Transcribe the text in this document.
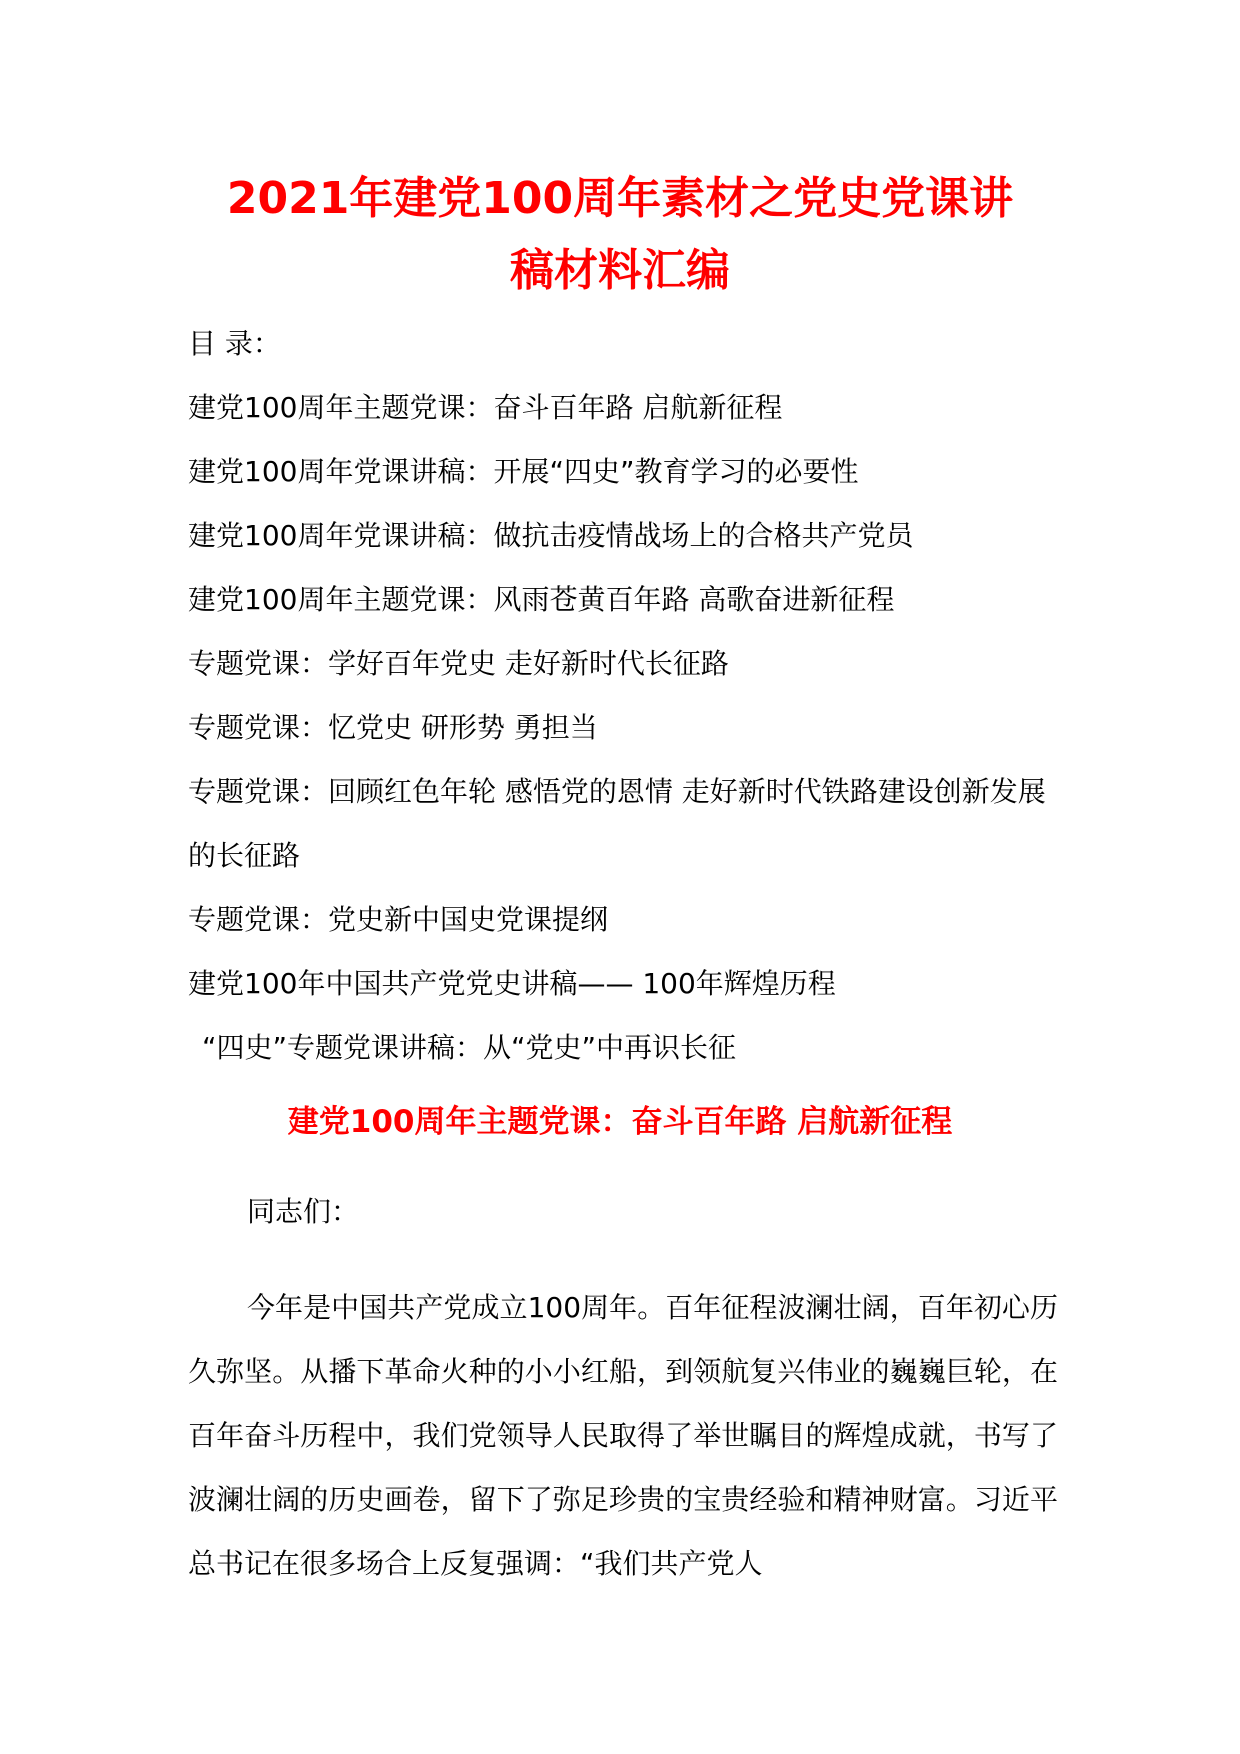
2021年建党100周年素材之党史党课讲
稿材料汇编

目 录：

建党100周年主题党课：奋斗百年路 启航新征程
建党100周年党课讲稿：开展“四史”教育学习的必要性
建党100周年党课讲稿：做抗击疫情战场上的合格共产党员
建党100周年主题党课：风雨苍黄百年路 高歌奋进新征程
专题党课：学好百年党史 走好新时代长征路
专题党课：忆党史 研形势 勇担当
专题党课：回顾红色年轮 感悟党的恩情 走好新时代铁路建设创新发展的长征路
专题党课：党史新中国史党课提纲
建党100年中国共产党党史讲稿—— 100年辉煌历程
“四史”专题党课讲稿：从“党史”中再识长征
建党100周年主题党课：奋斗百年路 启航新征程

同志们：

今年是中国共产党成立100周年。百年征程波澜壮阔，百年初心历久弥坚。从播下革命火种的小小红船，到领航复兴伟业的巍巍巨轮，在百年奋斗历程中，我们党领导人民取得了举世瞩目的辉煌成就，书写了波澜壮阔的历史画卷，留下了弥足珍贵的宝贵经验和精神财富。习近平总书记在很多场合上反复强调：“我们共产党人
